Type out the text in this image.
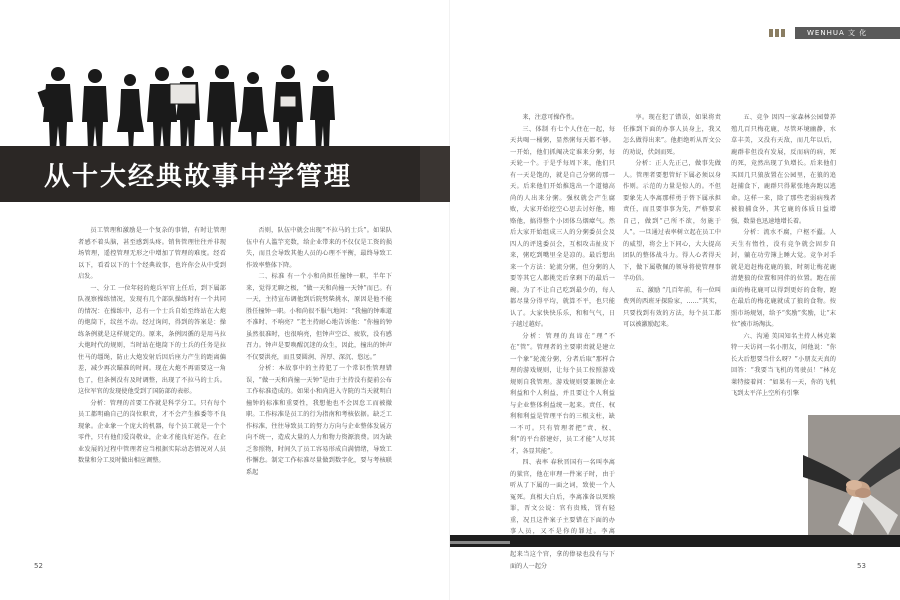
WENHUA 文 化
从十大经典故事中学管理

员工管理和激励是一个复杂的事情，有时让管理者感不着头脑，甚至感到头疼。销售管理往往并非现场管理，遥控管理无形之中增加了管理的难度。经看以下，看看以下的十个经典故事，也许你会从中受到启发。

一、分工 一位年轻的炮兵军官上任后，到下属部队视察操练情况，发现有几个部队操练时有一个共同的情况：在操练中，总有一个士兵自始至终站在大炮的炮筒下，纹丝不动。经过询问，得到的答案是：操练条例就是这样规定的。原来，条例因循的是用马拉大炮时代的规则，当时站在炮筒下的士兵的任务是拉住马的缰绳，防止大炮发射后因后座力产生的距离偏差，减少再次瞄准的时间。现在大炮不再需要这一角色了，但条例没有及时调整，出现了不拉马的士兵。这位军官的发现使他受到了国防部的表彰。

分析：管理的首要工作就是科学分工。只有每个员工都明确自己的岗位职责，才不会产生推委等不良现象。企业象一个庞大的机器，每个员工就是一个个零件，只有他们爱岗敬业，企业才能良好运作。在企业发展的过程中管理者应当根据实际动态情况对人员数量和分工及时做出相应调整。

否则，队伍中就会出现“不拉马的士兵”。如果队伍中有人滥竽充数，给企业带来的不仅仅是工资的损失，而且会导致其他人员的心理不平衡，最终导致工作效率整体下降。

二、标准 有一个小和尚担任撞钟一职，半年下来，觉得无聊之极，“做一天和尚撞一天钟”而已。有一天，主持宣布调他到后院劈柴挑水，原因是他不能胜任撞钟一职。小和尚很不服气地问：“我撞的钟难道不准时、不响亮？”老主持耐心地告诉他：“你撞的钟虽然很准时，也很响亮，但钟声空泛、疲软，没有感召力。钟声是要唤醒沉迷的众生，因此，撞出的钟声不仅要洪亮，而且要圆润、浑厚、深沉、悠远。”

分析：本故事中的主持犯了一个常识性管理错误，“做一天和尚撞一天钟”是由于主持没有提前公布工作标准造成的。如果小和尚进入寺院的当天就明白撞钟的标准和重要性，我想他也不会因怠工而被撤职。工作标准是员工的行为指南和考核依据。缺乏工作标准，往往导致员工的努力方向与企业整体发展方向不统一，造成大量的人力和物力资源浪费。因为缺乏参照物，时间久了员工容易形成自满情绪，导致工作懈怠。制定工作标准尽量做到数字化，要与考核联系起

来，注意可操作性。

三、体制 有七个人住在一起，每天共喝一桶粥，显然粥每天都不够。一开始，他们抓阄决定谁来分粥，每天轮一个。于是乎每周下来，他们只有一天是饱的，就是自己分粥的那一天。后来他们开始推选出一个道德高尚的人出来分粥。强权就会产生腐败，大家开始挖空心思去讨好他，贿赂他，搞得整个小团体乌烟瘴气。然后大家开始组成三人的分粥委员会及四人的评选委员会，互相攻击扯皮下来，粥吃到嘴里全是凉的。最后想出来一个方法：轮流分粥，但分粥的人要等其它人都挑完后拿剩下的最后一碗。为了不让自己吃到最少的，每人都尽量分得平均，就算不平，也只能认了。大家快快乐乐，和和气气，日子越过越好。

分析：管理的真谛在“理”不在“管”。管理者的主要职责就是建立一个象“轮流分粥，分者后取”那样合理的游戏规则，让每个员工按照游戏规则自我管理。游戏规则要兼顾企业利益和个人利益，并且要让个人利益与企业整体利益统一起来。责任、权利和利益是管理平台的三根支柱，缺一不可。只有管理者把“责、权、利”的平台搭建好，员工才能“人尽其才，各显其能”。

四、表率 春秋晋国有一名叫李离的狱官，他在审理一件案子时，由于听从了下属的一面之词，致使一个人冤死。真相大白后，李离准备以死赎罪，晋文公说：官有贵贱，罚有轻重，况且这件案子主要错在下面的办事人员，又不是你的罪过。李离 起来当这个官，拿的俸禄也没有与下面的人一起分

享。现在犯了错误，如果将责任推到下面的办事人员身上，我又怎么做得出来”。他拒绝听从晋文公的劝说，伏剑而死。

分析：正人先正己，做事先做人。管理者要想管好下属必须以身作则。示范的力量是惊人的。不但要象先人李离那样勇于替下属承担责任，而且要事事为先，严格要求自己，做到“己所不欲，勿施于人”。一旦通过表率树立起在员工中的威望，将会上下同心，大大提高团队的整体战斗力。得人心者得天下，做下属敬佩的领导将使管理事半功倍。

五、激励 “几百年前，有一位叫费列的西班牙探险家，……”其实，只要找到有效的方法，每个员工都可以被激励起来。

五、竞争 因四一家森林公园曾养殖几百只梅花鹿，尽管环境幽静，水草丰美，又没有天敌，而几年以后，鹿群非但没有发展，反而病的病，死的死，竟然出现了负增长。后来他们买回几只狼放置在公园里，在狼的追赶捕食下，鹿群只得紧张地奔跑以逃命。这样一来，除了那些老弱病残者被狼捕食外，其它鹿的体质日益增强，数量也迅速地增长着。

分析：流水不腐，户枢不蠹。人天生有惰性，没有竞争就会固步自封，躺在功劳簿上睡大觉。竞争对手就是追赶梅花鹿的狼，时刻让梅花鹿清楚狼的位置和同伴的位置。跑在前面的梅花鹿可以得到更好的食物，跑在最后的梅花鹿就成了狼的食物。按照市场规划，给予“奖励”奖励，让“末位”被市场淘汰。

六、沟通 美国知名主持人林克莱特一天访问一名小朋友，问他说：“你长大后想要当什么呀？”小朋友天真的回答：“我要当飞机的驾驶员！”林克莱特接着问：“如果有一天，你的飞机飞到太平洋上空所有引擎

52	53
